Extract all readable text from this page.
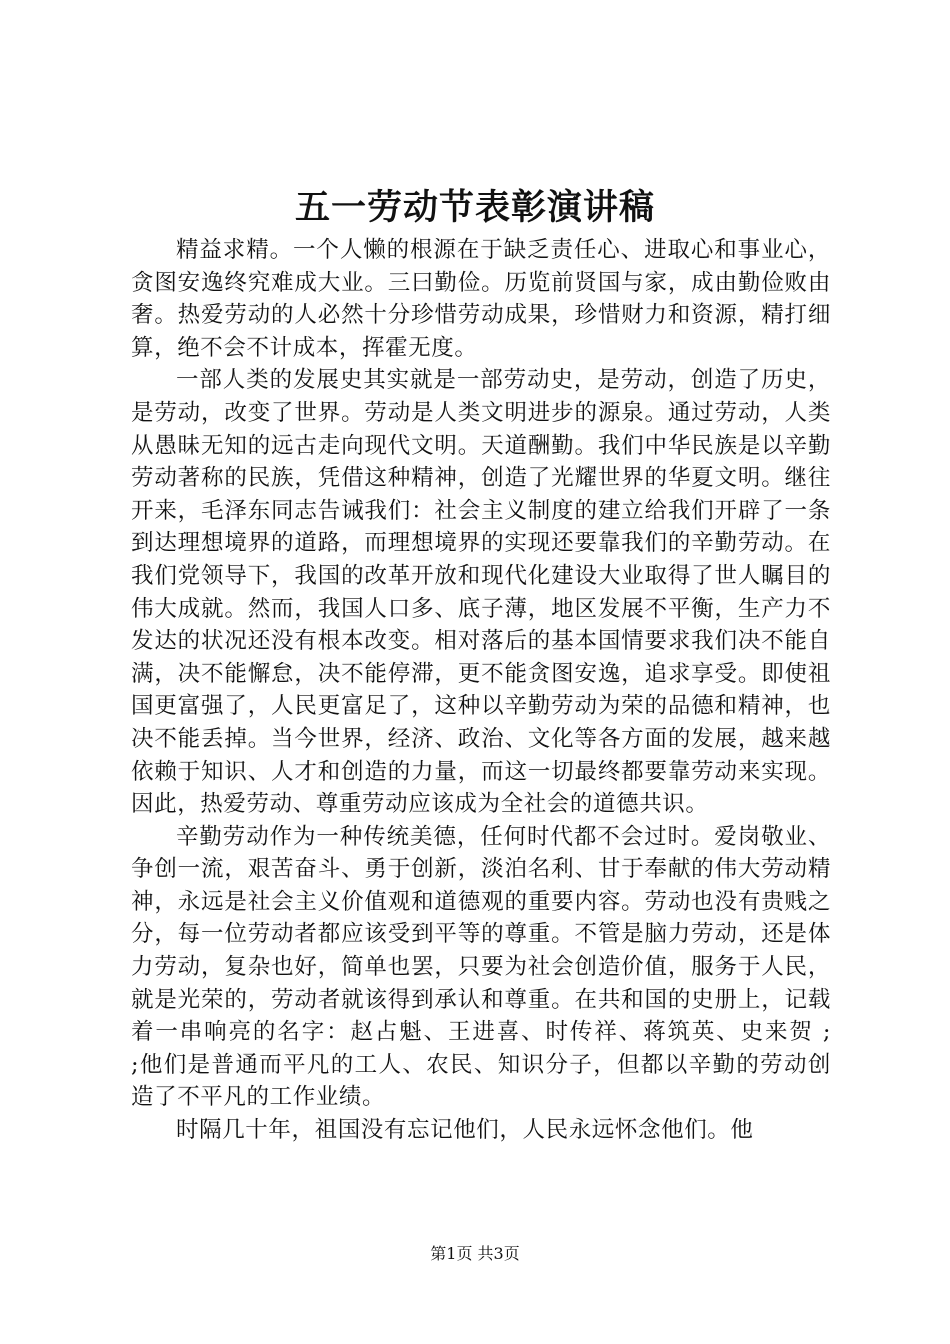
五一劳动节表彰演讲稿

精益求精。一个人懒的根源在于缺乏责任心、进取心和事业心，贪图安逸终究难成大业。三曰勤俭。历览前贤国与家，成由勤俭败由奢。热爱劳动的人必然十分珍惜劳动成果，珍惜财力和资源，精打细算，绝不会不计成本，挥霍无度。

一部人类的发展史其实就是一部劳动史，是劳动，创造了历史，是劳动，改变了世界。劳动是人类文明进步的源泉。通过劳动，人类从愚昧无知的远古走向现代文明。天道酬勤。我们中华民族是以辛勤劳动著称的民族，凭借这种精神，创造了光耀世界的华夏文明。继往开来，毛泽东同志告诫我们：社会主义制度的建立给我们开辟了一条到达理想境界的道路，而理想境界的实现还要靠我们的辛勤劳动。在我们党领导下，我国的改革开放和现代化建设大业取得了世人瞩目的伟大成就。然而，我国人口多、底子薄，地区发展不平衡，生产力不发达的状况还没有根本改变。相对落后的基本国情要求我们决不能自满，决不能懈怠，决不能停滞，更不能贪图安逸，追求享受。即使祖国更富强了，人民更富足了，这种以辛勤劳动为荣的品德和精神，也决不能丢掉。当今世界，经济、政治、文化等各方面的发展，越来越依赖于知识、人才和创造的力量，而这一切最终都要靠劳动来实现。因此，热爱劳动、尊重劳动应该成为全社会的道德共识。

辛勤劳动作为一种传统美德，任何时代都不会过时。爱岗敬业、争创一流，艰苦奋斗、勇于创新，淡泊名利、甘于奉献的伟大劳动精神，永远是社会主义价值观和道德观的重要内容。劳动也没有贵贱之分，每一位劳动者都应该受到平等的尊重。不管是脑力劳动，还是体力劳动，复杂也好，简单也罢，只要为社会创造价值，服务于人民，就是光荣的，劳动者就该得到承认和尊重。在共和国的史册上，记载着一串响亮的名字：赵占魁、王进喜、时传祥、蒋筑英、史来贺 ;

;他们是普通而平凡的工人、农民、知识分子，但都以辛勤的劳动创造了不平凡的工作业绩。

时隔几十年，祖国没有忘记他们，人民永远怀念他们。他

第1页 共3页
